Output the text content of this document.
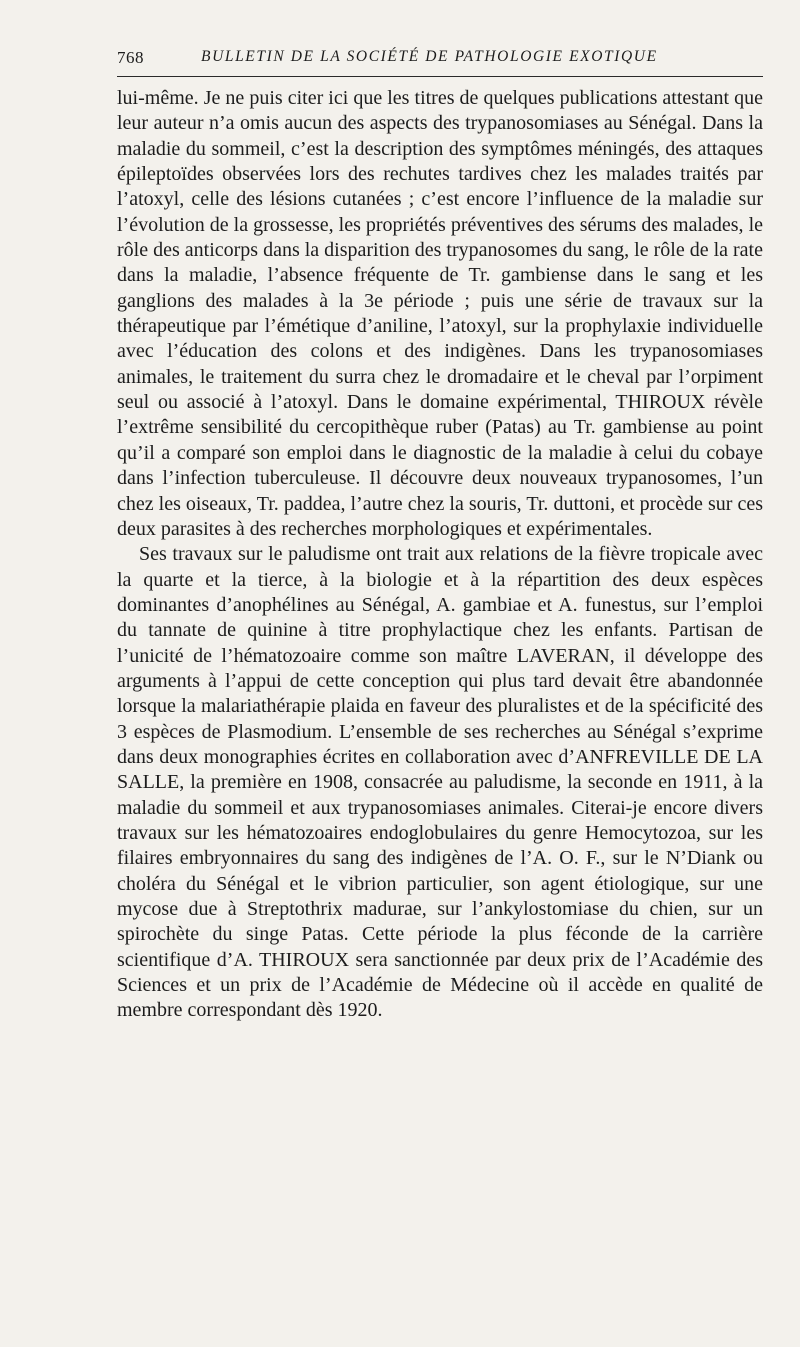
768	BULLETIN DE LA SOCIÉTÉ DE PATHOLOGIE EXOTIQUE

lui-même. Je ne puis citer ici que les titres de quelques publications attestant que leur auteur n’a omis aucun des aspects des trypanosomiases au Sénégal. Dans la maladie du sommeil, c’est la description des symptômes méningés, des attaques épileptoïdes observées lors des rechutes tardives chez les malades traités par l’atoxyl, celle des lésions cutanées ; c’est encore l’influence de la maladie sur l’évolution de la grossesse, les propriétés préventives des sérums des malades, le rôle des anticorps dans la disparition des trypanosomes du sang, le rôle de la rate dans la maladie, l’absence fréquente de Tr. gambiense dans le sang et les ganglions des malades à la 3e période ; puis une série de travaux sur la thérapeutique par l’émétique d’aniline, l’atoxyl, sur la prophylaxie individuelle avec l’éducation des colons et des indigènes. Dans les trypanosomiases animales, le traitement du surra chez le dromadaire et le cheval par l’orpiment seul ou associé à l’atoxyl. Dans le domaine expérimental, THIROUX révèle l’extrême sensibilité du cercopithèque ruber (Patas) au Tr. gambiense au point qu’il a comparé son emploi dans le diagnostic de la maladie à celui du cobaye dans l’infection tuberculeuse. Il découvre deux nouveaux trypanosomes, l’un chez les oiseaux, Tr. paddea, l’autre chez la souris, Tr. duttoni, et procède sur ces deux parasites à des recherches morphologiques et expérimentales.

Ses travaux sur le paludisme ont trait aux relations de la fièvre tropicale avec la quarte et la tierce, à la biologie et à la répartition des deux espèces dominantes d’anophélines au Sénégal, A. gambiae et A. funestus, sur l’emploi du tannate de quinine à titre prophylactique chez les enfants. Partisan de l’unicité de l’hématozoaire comme son maître LAVERAN, il développe des arguments à l’appui de cette conception qui plus tard devait être abandonnée lorsque la malariathérapie plaida en faveur des pluralistes et de la spécificité des 3 espèces de Plasmodium. L’ensemble de ses recherches au Sénégal s’exprime dans deux monographies écrites en collaboration avec d’ANFREVILLE DE LA SALLE, la première en 1908, consacrée au paludisme, la seconde en 1911, à la maladie du sommeil et aux trypanosomiases animales. Citerai-je encore divers travaux sur les hématozoaires endoglobulaires du genre Hemocytozoa, sur les filaires embryonnaires du sang des indigènes de l’A. O. F., sur le N’Diank ou choléra du Sénégal et le vibrion particulier, son agent étiologique, sur une mycose due à Streptothrix madurae, sur l’ankylostomiase du chien, sur un spirochète du singe Patas. Cette période la plus féconde de la carrière scientifique d’A. THIROUX sera sanctionnée par deux prix de l’Académie des Sciences et un prix de l’Académie de Médecine où il accède en qualité de membre correspondant dès 1920.
